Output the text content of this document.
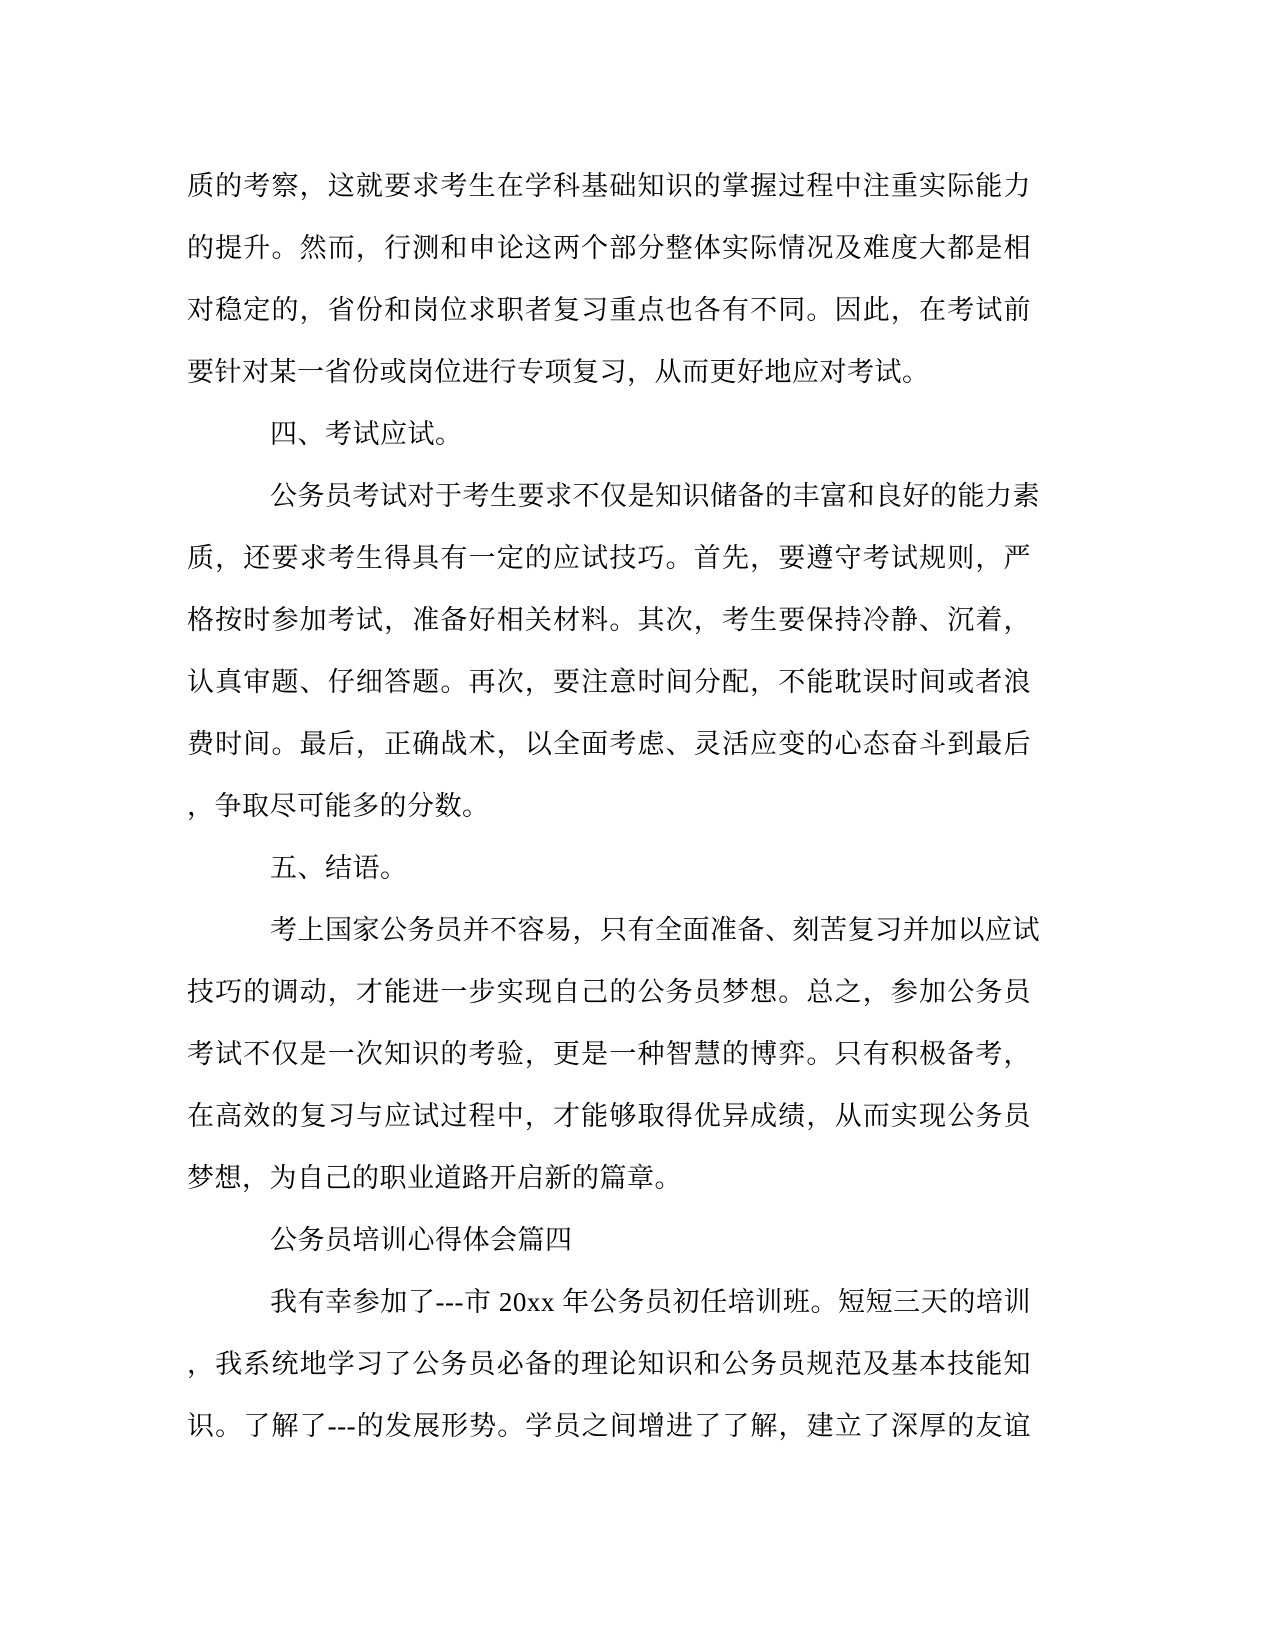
质的考察，这就要求考生在学科基础知识的掌握过程中注重实际能力
的提升。然而，行测和申论这两个部分整体实际情况及难度大都是相
对稳定的，省份和岗位求职者复习重点也各有不同。因此，在考试前
要针对某一省份或岗位进行专项复习，从而更好地应对考试。
四、考试应试。
公务员考试对于考生要求不仅是知识储备的丰富和良好的能力素
质，还要求考生得具有一定的应试技巧。首先，要遵守考试规则，严
格按时参加考试，准备好相关材料。其次，考生要保持冷静、沉着，
认真审题、仔细答题。再次，要注意时间分配，不能耽误时间或者浪
费时间。最后，正确战术，以全面考虑、灵活应变的心态奋斗到最后
，争取尽可能多的分数。
五、结语。
考上国家公务员并不容易，只有全面准备、刻苦复习并加以应试
技巧的调动，才能进一步实现自己的公务员梦想。总之，参加公务员
考试不仅是一次知识的考验，更是一种智慧的博弈。只有积极备考，
在高效的复习与应试过程中，才能够取得优异成绩，从而实现公务员
梦想，为自己的职业道路开启新的篇章。
公务员培训心得体会篇四
我有幸参加了---市 20xx 年公务员初任培训班。短短三天的培训
，我系统地学习了公务员必备的理论知识和公务员规范及基本技能知
识。了解了---的发展形势。学员之间增进了了解，建立了深厚的友谊
